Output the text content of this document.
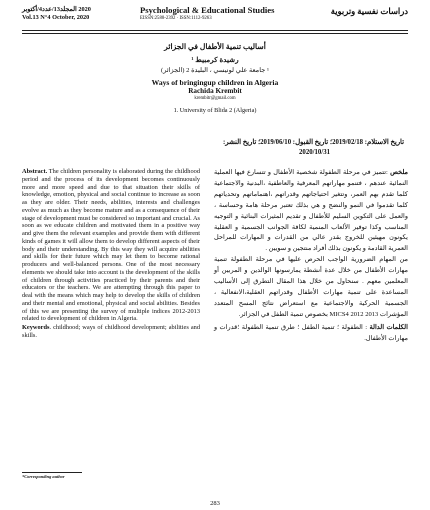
2020 المجلد13/عدد4/أكتوبر
Vol.13 N°4 October, 2020
Psychological & Educational Studies
EISSN:2588-2392 · ISSN:1112-9263
دراسات نفسية وتربوية
أساليب تنمية الأطفال في الجزائر
رشيدة كرمبيط ¹
¹ جامعة علي لونيسي ، البليدة 2 (الجزائر)
Ways of bringingup children in Algeria
Rachida Krembit
krembitr@gmail.com
1. University of Blida 2 (Algeria)
تاريخ الاستلام: 2019/02/18؛ تاريخ القبول: 2019/06/10؛ تاريخ النشر:
2020/10/31

Abstract. The children personality is elaborated during the childhood period and the process of its development becomes continuously more and more speed and due to that situation their skills of knowledge, emotion, physical and social continue to increase as soon as they are older. Their needs, abilities, interests and challenges evolve as much as they become mature and as a consequence of their stage of development must be considered so important and crucial. As soon as we educate children and motivated them in a positive way and give them the relevant examples and provide them with different kinds of games it will allow them to develop different aspects of their body and their understanding. By this way they will acquire abilities and skills for their future which may let them to become rational producers and well-balanced persons. One of the most necessary elements we should take into account is the development of the skills of children through activities practiced by their parents and their educators or the teachers. We are attempting through this paper to deal with the means which may help to develop the skills of children and their mental and emotional, physical and social abilities. Besides of this we are presenting the survey of multiple indices 2012-2013 related to development of children in Algeria.

Keywords. childhood; ways of childhood development; abilities and skills.

ملخص :تتميز في مرحلة الطفولة شخصية الأطفال و تتسارع فيها العملية النمائية عندهم ، فتنمو مهاراتهم المعرفية والعاطفية ،البدنية والاجتماعية كلما تقدم بهم العمر، وتتغير احتياجاتهم وقدراتهم ،اهتماماتهم وتحدياتهم كلما تقدموا في النمو والنضج و هي بذلك تعتبر مرحلة هامة وحساسة ، والعمل على التكوين السليم للأطفال و تقديم المثيرات البنائية و التوجيه المناسب وكذا توفير الألعاب المنمية لكافة الجوانب الجسمية و العقلية يكونون مهيئين للخروج بقدر عالي من القدرات و المهارات للمراحل العمرية القادمة و يكونون بذلك أفراد منتجين و سويين .

من المهام الضرورية الواجب الحرص عليها في مرحلة الطفولة تنمية مهارات الأطفال من خلال عدة أنشطة يمارسونها الوالدين و المربين أو المعلمين معهم . سنحاول من خلال هذا المقال التطرق إلى الأساليب المساعدة على تنمية مهارات الأطفال وقدراتهم العقلية،الانفعالية ، الجسمية الحركية والاجتماعية مع استعراض نتائج المسح المتعدد المؤشرات MICS4 2012 2013 بخصوص تنمية الطفل في الجزائر.

الكلمات الدالة : الطفولة ؛ تنمية الطفل ؛ طرق تنمية الطفولة ؛قدرات و مهارات الأطفال.

*Corresponding author
283
